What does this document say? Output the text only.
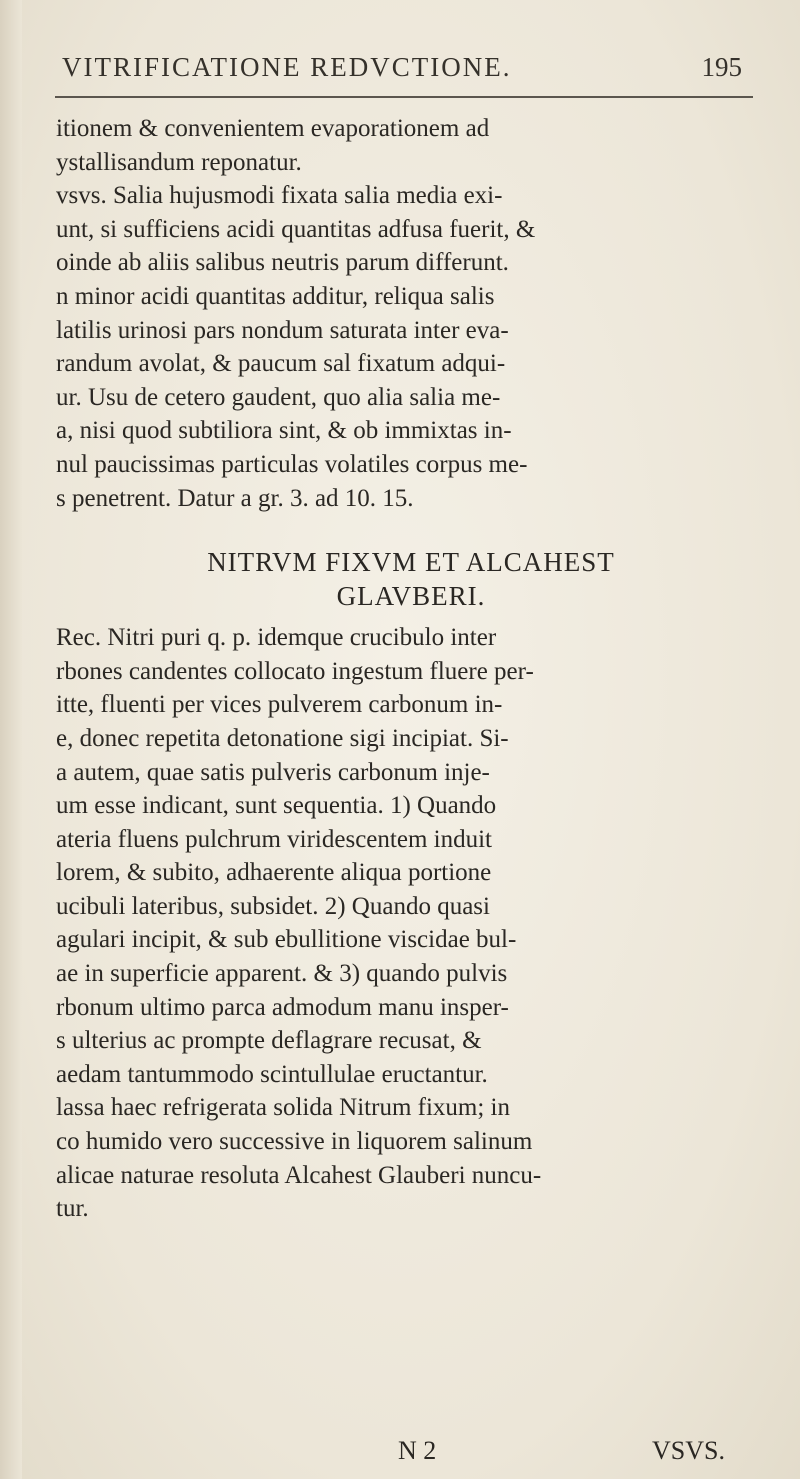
VITRIFICATIONE REDVCTIONE.	195
itionem & convenientem evaporationem ad
ystallisandum reponatur.
vsvs. Salia hujusmodi fixata salia media exi-
unt, si sufficiens acidi quantitas adfusa fuerit, &
oinde ab aliis salibus neutris parum differunt.
n minor acidi quantitas additur, reliqua salis
latilis urinosi pars nondum saturata inter eva-
randum avolat, & paucum sal fixatum adqui-
ur. Usu de cetero gaudent, quo alia salia me-
a, nisi quod subtiliora sint, & ob immixtas in-
nul paucissimas particulas volatiles corpus me-
s penetrent. Datur a gr. 3. ad 10. 15.
NITRVM FIXVM ET ALCAHEST
GLAVBERI.
Rec. Nitri puri q. p. idemque crucibulo inter
rbones candentes collocato ingestum fluere per-
itte, fluenti per vices pulverem carbonum in-
e, donec repetita detonatione sigi incipiat. Si-
a autem, quae satis pulveris carbonum inje-
um esse indicant, sunt sequentia. 1) Quando
ateria fluens pulchrum viridescentem induit
lorem, & subito, adhaerente aliqua portione
ucibuli lateribus, subsidet. 2) Quando quasi
agulari incipit, & sub ebullitione viscidae bul-
ae in superficie apparent. & 3) quando pulvis
rbonum ultimo parca admodum manu insper-
s ulterius ac prompte deflagrare recusat, &
aedam tantummodo scintullulae eructantur.
lassa haec refrigerata solida Nitrum fixum; in
co humido vero successive in liquorem salinum
alicae naturae resoluta Alcahest Glauberi nuncu-
tur.
N 2	VSVS.
